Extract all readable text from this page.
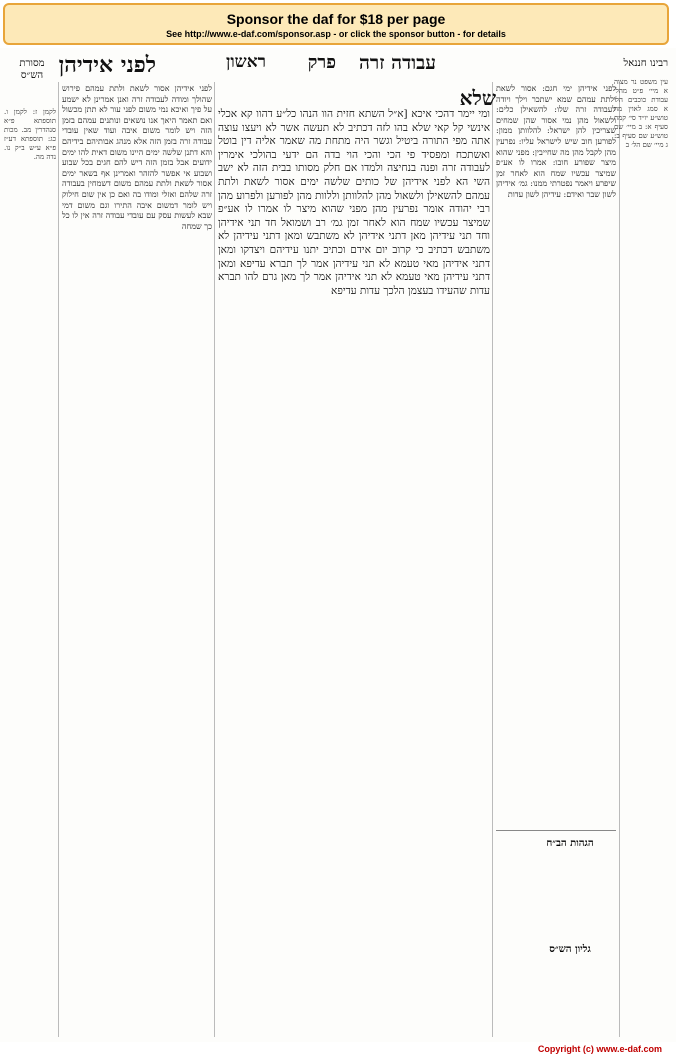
Sponsor the daf for $18 per page
See http://www.e-daf.com/sponsor.asp - or click the sponsor button - for details
לפני אידיהן	ראשון פרק עבודה זרה
מסורת הש״ס
רבינו חננאל
שלא
לקמן ז: לקמן ו. תוספתא פ״א סנהדרין מב. מכות כג: תוספתא דע״ז פ״א ע״ש ב״ק נו. נדה מה.
לפני אידיהן אסור לשאת ולתת עמהם פירוש שהולך ומודה לעבודה זרה ואנן אמרינן לא ישמע על פיך ואיכא נמי משום לפני עור לא תתן מכשול ואם תאמר היאך אנו נושאים ונותנים עמהם בזמן הזה ויש לומר משום איבה ועוד שאין עובדי עבודה זרה בזמן הזה אלא מנהג אבותיהם בידיהם והא דתנן שלשה ימים היינו משום דאית להו ימים ידועים אבל בזמן הזה דיש להם חגים בכל שבוע ושבוע אי אפשר להזהר ואמרינן אף בשאר ימים אסור לשאת ולתת עמהם משום דשמחין בעבודה זרה שלהם ואזלי ומודו בה ואם כן אין שום חילוק ויש לומר דמשום איבה התירו וגם משום דמי שבא לעשות עסק עם עובדי עבודה זרה אין לו כל כך שמחה
ומי יימר דהכי איכא [א״ל השתא חזית הוו הנהו כל״ע דהוו קא אכלי אינשי קל קאי שלא בהו לזה דכתיב לא תעשה אשר לא ויעצו עוצה אתה מפי התורה ביטיל וגשר היה מתחת מה שאמר אליה דין בוטל ואשתכח ומפסיד פי הכי והכי הוי בדה הם ידעי בהולכי אימרין לעבודה זרה ופנה בנחיצה ולמדו אם חלק מסותו בבית הזה לא ישב השי הא לפני אידיהן של כותים שלשה ימים אסור לשאת ולתת עמהם להשאילן ולשאול מהן להלוותן וללוות מהן לפורען ולפרוע מהן רבי יהודה אומר נפרעין מהן מפני שהוא מיצר לו אמרו לו אע״פ שמיצר עכשיו שמח הוא לאחר זמן גמ׳ רב ושמואל חד תני אידיהן וחד תני עידיהן מאן דתני אידיהן לא משתבש ומאן דתני עידיהן לא משתבש דכתיב כי קרוב יום אידם וכתיב יתנו עידיהם ויצדקו ומאן דתני אידיהן מאי טעמא לא תני עידיהן אמר לך תברא עדיפא ומאן דתני עידיהן מאי טעמא לא תני אידיהן אמר לך מאן גרם להו תברא עדות שהעידו בעצמן הלכך עדות עדיפא
לפני אידיהן ימי חגם: אסור לשאת ולתת עמהם שמא ישתכר וילך ויודה לעבודה זרה שלו: להשאילן כלים: ולשאול מהן נמי אסור שהן שמחים שצריכין להן ישראל: להלוותן ממון: לפורען חוב שיש לישראל עליו: נפרעין מהן לקבל מהן מה שחייבין: מפני שהוא מיצר שפורע חובו: אמרו לו אע״פ שמיצר עכשיו שמח הוא לאחר זמן שיפרע ויאמר נפטרתי ממנו: גמ׳ אידיהן לשון שבר ואידם: עידיהן לשון עדות
עין משפט נר מצוה א מיי׳ פ״ט מהל׳ עבודת כוכבים הל׳ א סמג לאוין מה טוש״ע יו״ד סי׳ קמח סעיף א: ב מיי׳ שם טוש״ע שם סעיף ב: ג מיי׳ שם הל׳ ב
הגהות הב״ח
גליון הש״ס
Copyright (c) www.e-daf.com
